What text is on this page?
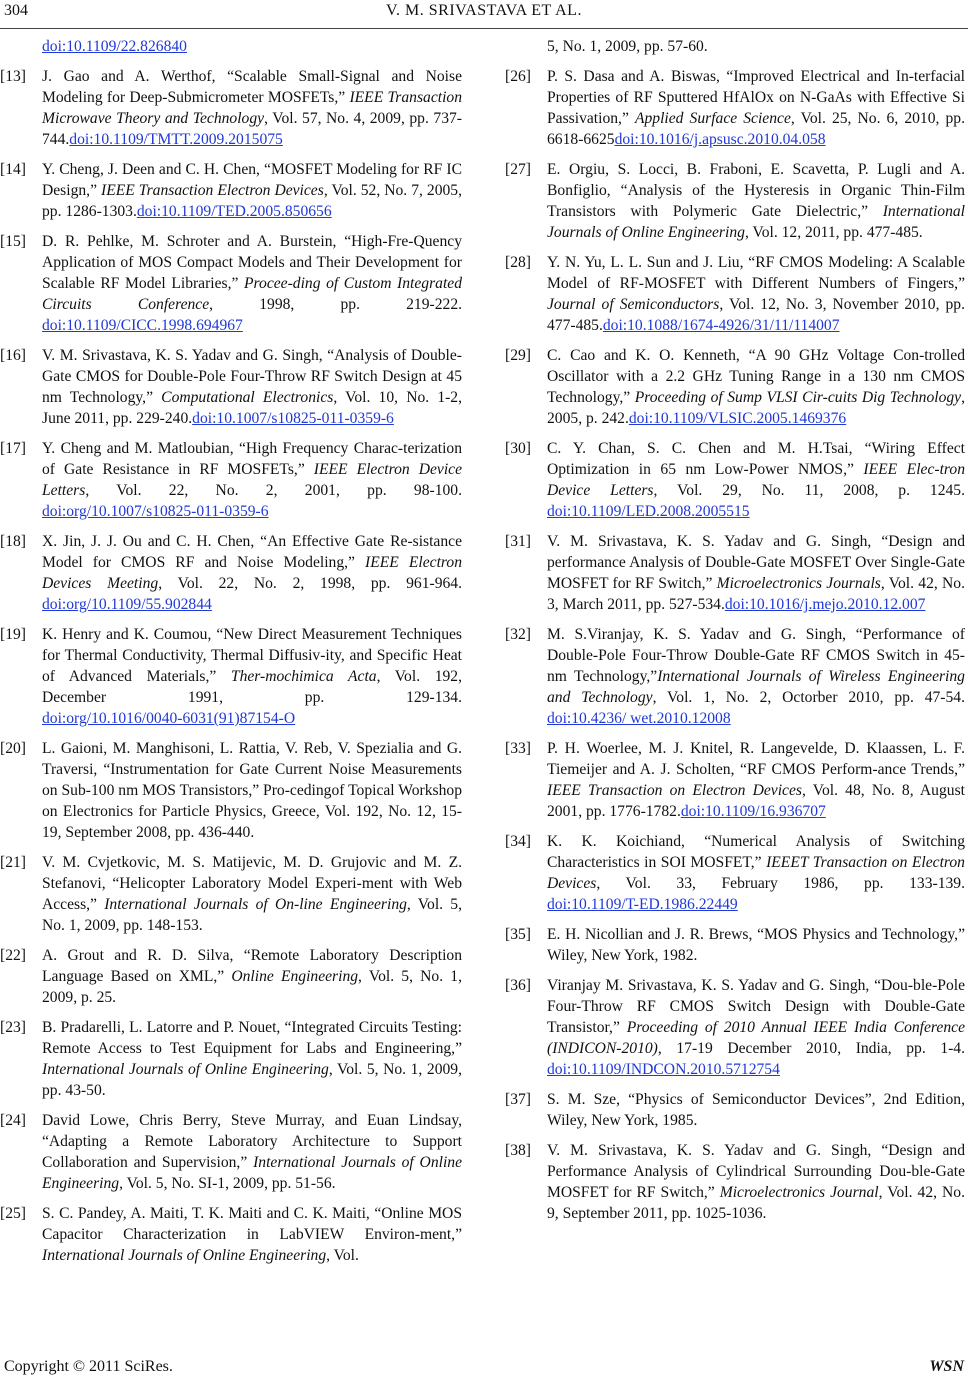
304	V. M. SRIVASTAVA ET AL.
doi:10.1109/22.826840
[13] J. Gao and A. Werthof, “Scalable Small-Signal and Noise Modeling for Deep-Submicrometer MOSFETs,” IEEE Transaction Microwave Theory and Technology, Vol. 57, No. 4, 2009, pp. 737-744.doi:10.1109/TMTT.2009.2015075
[14] Y. Cheng, J. Deen and C. H. Chen, “MOSFET Modeling for RF IC Design,” IEEE Transaction Electron Devices, Vol. 52, No. 7, 2005, pp. 1286-1303.doi:10.1109/TED.2005.850656
[15] D. R. Pehlke, M. Schroter and A. Burstein, “High-Fre-Quency Application of MOS Compact Models and Their Development for Scalable RF Model Libraries,” Procee-ding of Custom Integrated Circuits Conference, 1998, pp. 219-222. doi:10.1109/CICC.1998.694967
[16] V. M. Srivastava, K. S. Yadav and G. Singh, “Analysis of Double-Gate CMOS for Double-Pole Four-Throw RF Switch Design at 45 nm Technology,” Computational Electronics, Vol. 10, No. 1-2, June 2011, pp. 229-240.doi:10.1007/s10825-011-0359-6
[17] Y. Cheng and M. Matloubian, “High Frequency Charac-terization of Gate Resistance in RF MOSFETs,” IEEE Electron Device Letters, Vol. 22, No. 2, 2001, pp. 98-100.doi:org/10.1007/s10825-011-0359-6
[18] X. Jin, J. J. Ou and C. H. Chen, “An Effective Gate Re-sistance Model for CMOS RF and Noise Modeling,” IEEE Electron Devices Meeting, Vol. 22, No. 2, 1998, pp. 961-964. doi:org/10.1109/55.902844
[19] K. Henry and K. Coumou, “New Direct Measurement Techniques for Thermal Conductivity, Thermal Diffusiv-ity, and Specific Heat of Advanced Materials,” Ther-mochimica Acta, Vol. 192, December 1991, pp. 129-134.doi:org/10.1016/0040-6031(91)87154-O
[20] L. Gaioni, M. Manghisoni, L. Rattia, V. Reb, V. Spezialia and G. Traversi, “Instrumentation for Gate Current Noise Measurements on Sub-100 nm MOS Transistors,” Pro-cedingof Topical Workshop on Electronics for Particle Physics, Greece, Vol. 192, No. 12, 15-19, September 2008, pp. 436-440.
[21] V. M. Cvjetkovic, M. S. Matijevic, M. D. Grujovic and M. Z. Stefanovi, “Helicopter Laboratory Model Experi-ment with Web Access,” International Journals of On-line Engineering, Vol. 5, No. 1, 2009, pp. 148-153.
[22] A. Grout and R. D. Silva, “Remote Laboratory Description Language Based on XML,” Online Engineering, Vol. 5, No. 1, 2009, p. 25.
[23] B. Pradarelli, L. Latorre and P. Nouet, “Integrated Circuits Testing: Remote Access to Test Equipment for Labs and Engineering,” International Journals of Online Engineering, Vol. 5, No. 1, 2009, pp. 43-50.
[24] David Lowe, Chris Berry, Steve Murray, and Euan Lindsay, “Adapting a Remote Laboratory Architecture to Support Collaboration and Supervision,” International Journals of Online Engineering, Vol. 5, No. SI-1, 2009, pp. 51-56.
[25] S. C. Pandey, A. Maiti, T. K. Maiti and C. K. Maiti, “Online MOS Capacitor Characterization in LabVIEW Environ-ment,” International Journals of Online Engineering, Vol.
5, No. 1, 2009, pp. 57-60.
[26] P. S. Dasa and A. Biswas, “Improved Electrical and In-terfacial Properties of RF Sputtered HfAlOx on N-GaAs with Effective Si Passivation,” Applied Surface Science, Vol. 25, No. 6, 2010, pp. 6618-6625doi:10.1016/j.apsusc.2010.04.058
[27] E. Orgiu, S. Locci, B. Fraboni, E. Scavetta, P. Lugli and A. Bonfiglio, “Analysis of the Hysteresis in Organic Thin-Film Transistors with Polymeric Gate Dielectric,” International Journals of Online Engineering, Vol. 12, 2011, pp. 477-485.
[28] Y. N. Yu, L. L. Sun and J. Liu, “RF CMOS Modeling: A Scalable Model of RF-MOSFET with Different Numbers of Fingers,” Journal of Semiconductors, Vol. 12, No. 3, November 2010, pp. 477-485.doi:10.1088/1674-4926/31/11/114007
[29] C. Cao and K. O. Kenneth, “A 90 GHz Voltage Con-trolled Oscillator with a 2.2 GHz Tuning Range in a 130 nm CMOS Technology,” Proceeding of Sump VLSI Cir-cuits Dig Technology, 2005, p. 242.doi:10.1109/VLSIC.2005.1469376
[30] C. Y. Chan, S. C. Chen and M. H.Tsai, “Wiring Effect Optimization in 65 nm Low-Power NMOS,” IEEE Elec-tron Device Letters, Vol. 29, No. 11, 2008, p. 1245.doi:10.1109/LED.2008.2005515
[31] V. M. Srivastava, K. S. Yadav and G. Singh, “Design and performance Analysis of Double-Gate MOSFET Over Single-Gate MOSFET for RF Switch,” Microelectronics Journals, Vol. 42, No. 3, March 2011, pp. 527-534.doi:10.1016/j.mejo.2010.12.007
[32] M. S.Viranjay, K. S. Yadav and G. Singh, “Performance of Double-Pole Four-Throw Double-Gate RF CMOS Switch in 45-nm Technology,”International Journals of Wireless Engineering and Technology, Vol. 1, No. 2, Octorber 2010, pp. 47-54. doi:10.4236/ wet.2010.12008
[33] P. H. Woerlee, M. J. Knitel, R. Langevelde, D. Klaassen, L. F. Tiemeijer and A. J. Scholten, “RF CMOS Perform-ance Trends,” IEEE Transaction on Electron Devices, Vol. 48, No. 8, August 2001, pp. 1776-1782.doi:10.1109/16.936707
[34] K. K. Koichiand, “Numerical Analysis of Switching Characteristics in SOI MOSFET,” IEEET Transaction on Electron Devices, Vol. 33, February 1986, pp. 133-139.doi:10.1109/T-ED.1986.22449
[35] E. H. Nicollian and J. R. Brews, “MOS Physics and Technology,” Wiley, New York, 1982.
[36] Viranjay M. Srivastava, K. S. Yadav and G. Singh, “Dou-ble-Pole Four-Throw RF CMOS Switch Design with Double-Gate Transistor,” Proceeding of 2010 Annual IEEE India Conference (INDICON-2010), 17-19 December 2010, India, pp. 1-4.doi:10.1109/INDCON.2010.5712754
[37] S. M. Sze, “Physics of Semiconductor Devices”, 2nd Edition, Wiley, New York, 1985.
[38] V. M. Srivastava, K. S. Yadav and G. Singh, “Design and Performance Analysis of Cylindrical Surrounding Dou-ble-Gate MOSFET for RF Switch,” Microelectronics Journal, Vol. 42, No. 9, September 2011, pp. 1025-1036.
Copyright © 2011 SciRes.	WSN
